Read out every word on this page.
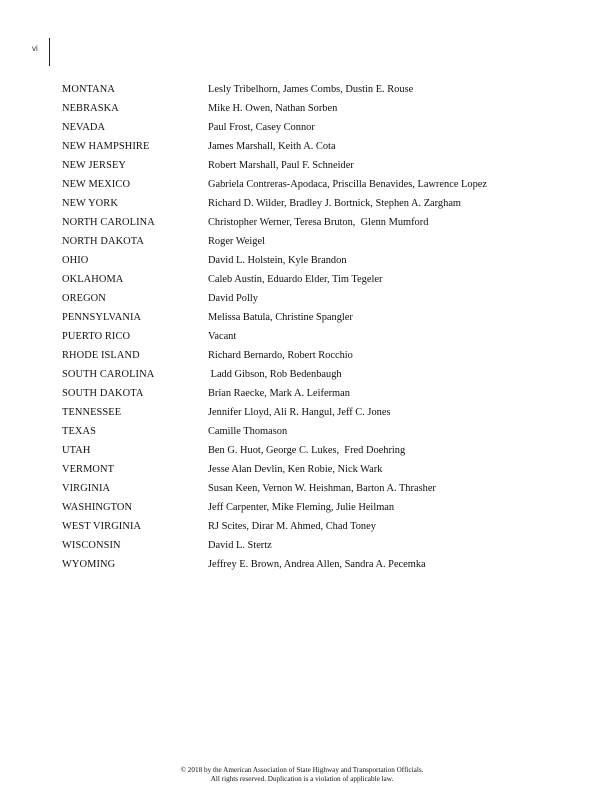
vi
MONTANA	Lesly Tribelhorn, James Combs, Dustin E. Rouse
NEBRASKA	Mike H. Owen, Nathan Sorben
NEVADA	Paul Frost, Casey Connor
NEW HAMPSHIRE	James Marshall, Keith A. Cota
NEW JERSEY	Robert Marshall, Paul F. Schneider
NEW MEXICO	Gabriela Contreras-Apodaca, Priscilla Benavides, Lawrence Lopez
NEW YORK	Richard D. Wilder, Bradley J. Bortnick, Stephen A. Zargham
NORTH CAROLINA	Christopher Werner, Teresa Bruton,  Glenn Mumford
NORTH DAKOTA	Roger Weigel
OHIO	David L. Holstein, Kyle Brandon
OKLAHOMA	Caleb Austin, Eduardo Elder, Tim Tegeler
OREGON	David Polly
PENNSYLVANIA	Melissa Batula, Christine Spangler
PUERTO RICO	Vacant
RHODE ISLAND	Richard Bernardo, Robert Rocchio
SOUTH CAROLINA	Ladd Gibson, Rob Bedenbaugh
SOUTH DAKOTA	Brian Raecke, Mark A. Leiferman
TENNESSEE	Jennifer Lloyd, Ali R. Hangul, Jeff C. Jones
TEXAS	Camille Thomason
UTAH	Ben G. Huot, George C. Lukes,  Fred Doehring
VERMONT	Jesse Alan Devlin, Ken Robie, Nick Wark
VIRGINIA	Susan Keen, Vernon W. Heishman, Barton A. Thrasher
WASHINGTON	Jeff Carpenter, Mike Fleming, Julie Heilman
WEST VIRGINIA	RJ Scites, Dirar M. Ahmed, Chad Toney
WISCONSIN	David L. Stertz
WYOMING	Jeffrey E. Brown, Andrea Allen, Sandra A. Pecemka
© 2018 by the American Association of State Highway and Transportation Officials.
All rights reserved. Duplication is a violation of applicable law.
